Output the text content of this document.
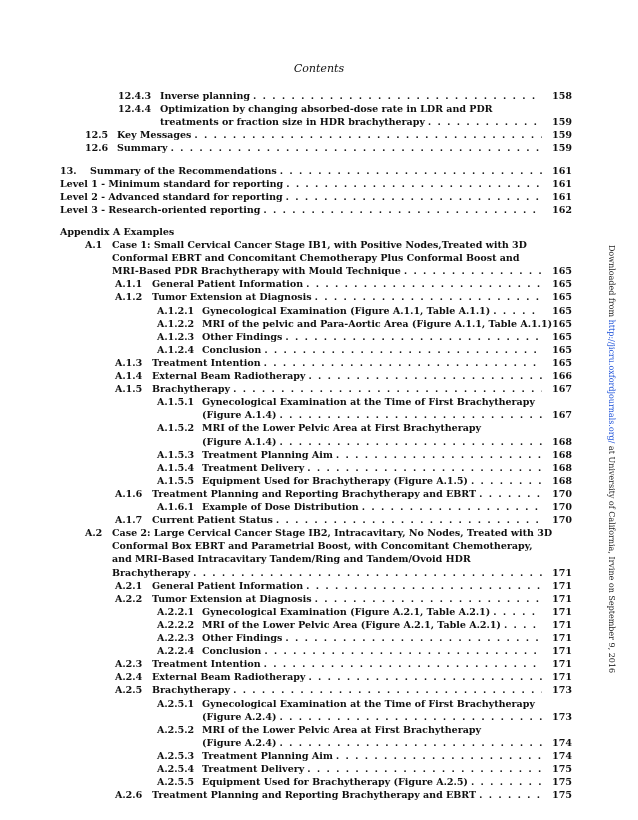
Contents
12.4.3 Inverse planning . . .	158
12.4.4 Optimization by changing absorbed-dose rate in LDR and PDR
treatments or fraction size in HDR brachytherapy . . .	159
12.5 Key Messages . . .	159
12.6 Summary . . .	159
13. Summary of the Recommendations . . .	161
Level 1 - Minimum standard for reporting . . .	161
Level 2 - Advanced standard for reporting . . .	161
Level 3 - Research-oriented reporting . . .	162
Appendix A Examples
A.1 Case 1: Small Cervical Cancer Stage IB1, with Positive Nodes,Treated with 3D
Conformal EBRT and Concomitant Chemotherapy Plus Conformal Boost and
MRI-Based PDR Brachytherapy with Mould Technique . . .	165
A.1.1 General Patient Information . . .	165
A.1.2 Tumor Extension at Diagnosis . . .	165
A.1.2.1 Gynecological Examination (Figure A.1.1, Table A.1.1) . . .	165
A.1.2.2 MRI of the pelvic and Para-Aortic Area (Figure A.1.1, Table A.1.1) 165
A.1.2.3 Other Findings . . .	165
A.1.2.4 Conclusion . . .	165
A.1.3 Treatment Intention . . .	165
A.1.4 External Beam Radiotherapy . . .	166
A.1.5 Brachytherapy . . .	167
A.1.5.1 Gynecological Examination at the Time of First Brachytherapy
(Figure A.1.4) . . .	167
A.1.5.2 MRI of the Lower Pelvic Area at First Brachytherapy
(Figure A.1.4) . . .	168
A.1.5.3 Treatment Planning Aim . . .	168
A.1.5.4 Treatment Delivery . . .	168
A.1.5.5 Equipment Used for Brachytherapy (Figure A.1.5) . . .	168
A.1.6 Treatment Planning and Reporting Brachytherapy and EBRT . . .	170
A.1.6.1 Example of Dose Distribution . . .	170
A.1.7 Current Patient Status . . .	170
A.2 Case 2: Large Cervical Cancer Stage IB2, Intracavitary, No Nodes, Treated with 3D
Conformal Box EBRT and Parametrial Boost, with Concomitant Chemotherapy,
and MRI-Based Intracavitary Tandem/Ring and Tandem/Ovoid HDR
Brachytherapy . . .	171
A.2.1 General Patient Information . . .	171
A.2.2 Tumor Extension at Diagnosis . . .	171
A.2.2.1 Gynecological Examination (Figure A.2.1, Table A.2.1) . . .	171
A.2.2.2 MRI of the Lower Pelvic Area (Figure A.2.1, Table A.2.1) . . .	171
A.2.2.3 Other Findings . . .	171
A.2.2.4 Conclusion . . .	171
A.2.3 Treatment Intention . . .	171
A.2.4 External Beam Radiotherapy . . .	171
A.2.5 Brachytherapy . . .	173
A.2.5.1 Gynecological Examination at the Time of First Brachytherapy
(Figure A.2.4) . . .	173
A.2.5.2 MRI of the Lower Pelvic Area at First Brachytherapy
(Figure A.2.4) . . .	174
A.2.5.3 Treatment Planning Aim . . .	174
A.2.5.4 Treatment Delivery . . .	175
A.2.5.5 Equipment Used for Brachytherapy (Figure A.2.5) . . .	175
A.2.6 Treatment Planning and Reporting Brachytherapy and EBRT . . .	175
Downloaded from http://jicru.oxfordjournals.org/ at University of California, Irvine on September 9, 2016
